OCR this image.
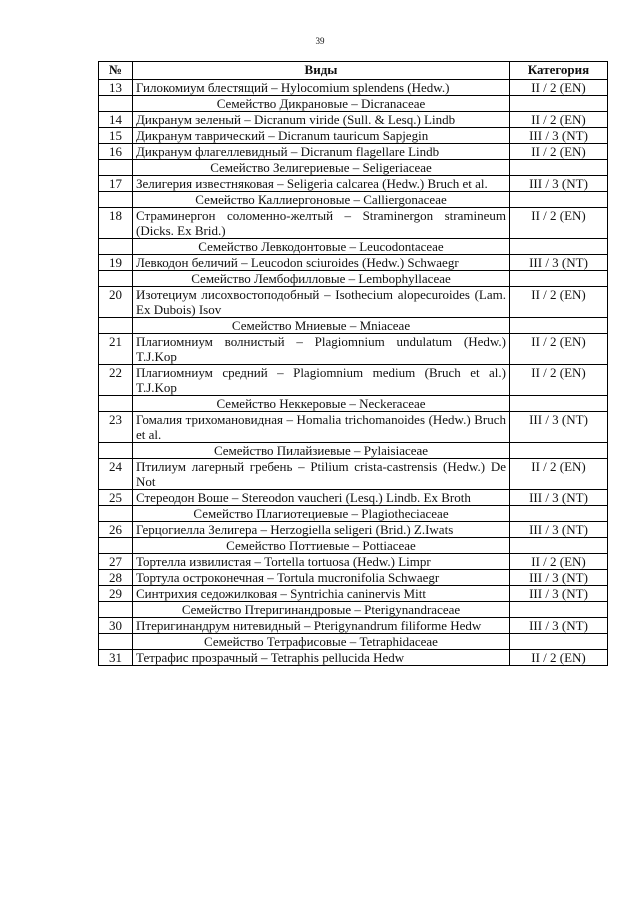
39
№	Виды	Категория
13	Гилокомиум блестящий – Hylocomium splendens (Hedw.)	II / 2 (EN)
	Семейство Дикрановые – Dicranaceae	
14	Дикранум зеленый – Dicranum viride (Sull. & Lesq.) Lindb	II / 2 (EN)
15	Дикранум таврический – Dicranum tauricum Sapjegin	III / 3 (NT)
16	Дикранум флагеллевидный – Dicranum flagellare Lindb	II / 2 (EN)
	Семейство Зелигериевые – Seligeriaceae	
17	Зелигерия известняковая – Seligeria calcarea (Hedw.) Bruch et al.	III / 3 (NT)
	Семейство Каллиергоновые – Calliergonaceae	
18	Страминергон соломенно-желтый – Straminergon stramineum (Dicks. Ex Brid.)	II / 2 (EN)
	Семейство Левкодонтовые – Leucodontaceae	
19	Левкодон беличий – Leucodon sciuroides (Hedw.) Schwaegr	III / 3 (NT)
	Семейство Лембофилловые – Lembophyllaceae	
20	Изотециум лисохвостоподобный – Isothecium alopecuroides (Lam. Ex Dubois) Isov	II / 2 (EN)
	Семейство Мниевые – Mniaceae	
21	Плагиомниум волнистый – Plagiomnium undulatum (Hedw.) T.J.Kop	II / 2 (EN)
22	Плагиомниум средний – Plagiomnium medium (Bruch et al.) T.J.Kop	II / 2 (EN)
	Семейство Неккеровые – Neckeraceae	
23	Гомалия трихомановидная – Homalia trichomanoides (Hedw.) Bruch et al.	III / 3 (NT)
	Семейство Пилайзиевые – Pylaisiaceae	
24	Птилиум лагерный гребень – Ptilium crista-castrensis (Hedw.) De Not	II / 2 (EN)
25	Стереодон Воше – Stereodon vaucheri (Lesq.) Lindb. Ex Broth	III / 3 (NT)
	Семейство Плагиотециевые – Plagiotheciaceae	
26	Герцогиелла Зелигера – Herzogiella seligeri (Brid.) Z.Iwats	III / 3 (NT)
	Семейство Поттиевые – Pottiaceae	
27	Тортелла извилистая – Tortella tortuosa (Hedw.) Limpr	II / 2 (EN)
28	Тортула остроконечная – Tortula mucronifolia Schwaegr	III / 3 (NT)
29	Синтрихия седожилковая – Syntrichia caninervis Mitt	III / 3 (NT)
	Семейство Птеригинандровые – Pterigynandraceae	
30	Птеригинандрум нитевидный – Pterigynandrum filiforme Hedw	III / 3 (NT)
	Семейство Тетрафисовые – Tetraphidaceae	
31	Тетрафис прозрачный – Tetraphis pellucida Hedw	II / 2 (EN)
